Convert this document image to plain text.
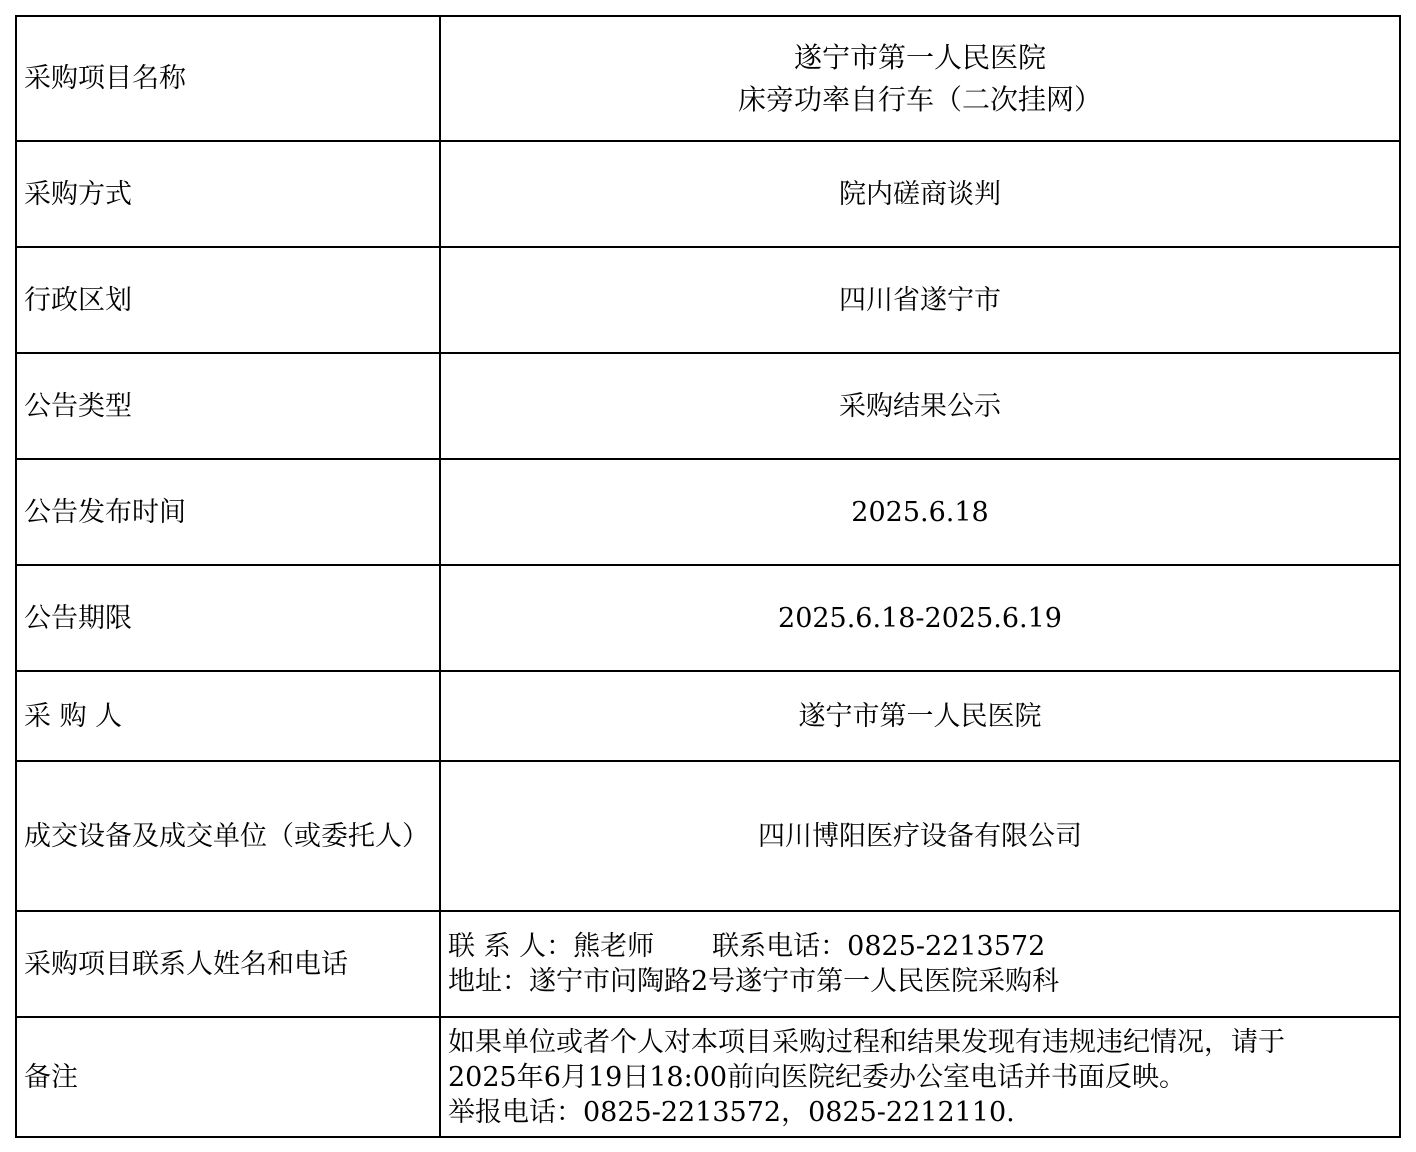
采购项目名称	遂宁市第一人民医院
床旁功率自行车（二次挂网）

采购方式	院内磋商谈判
行政区划	四川省遂宁市
公告类型	采购结果公示
公告发布时间	2025.6.18
公告期限	2025.6.18-2025.6.19
采 购 人	遂宁市第一人民医院
成交设备及成交单位（或委托人）	四川博阳医疗设备有限公司
采购项目联系人姓名和电话	联 系 人：熊老师 联系电话：0825-2213572
地址：遂宁市问陶路2号遂宁市第一人民医院采购科

备注	如果单位或者个人对本项目采购过程和结果发现有违规违纪情况，请于
2025年6月19日18:00前向医院纪委办公室电话并书面反映。
举报电话：0825-2213572，0825-2212110.
